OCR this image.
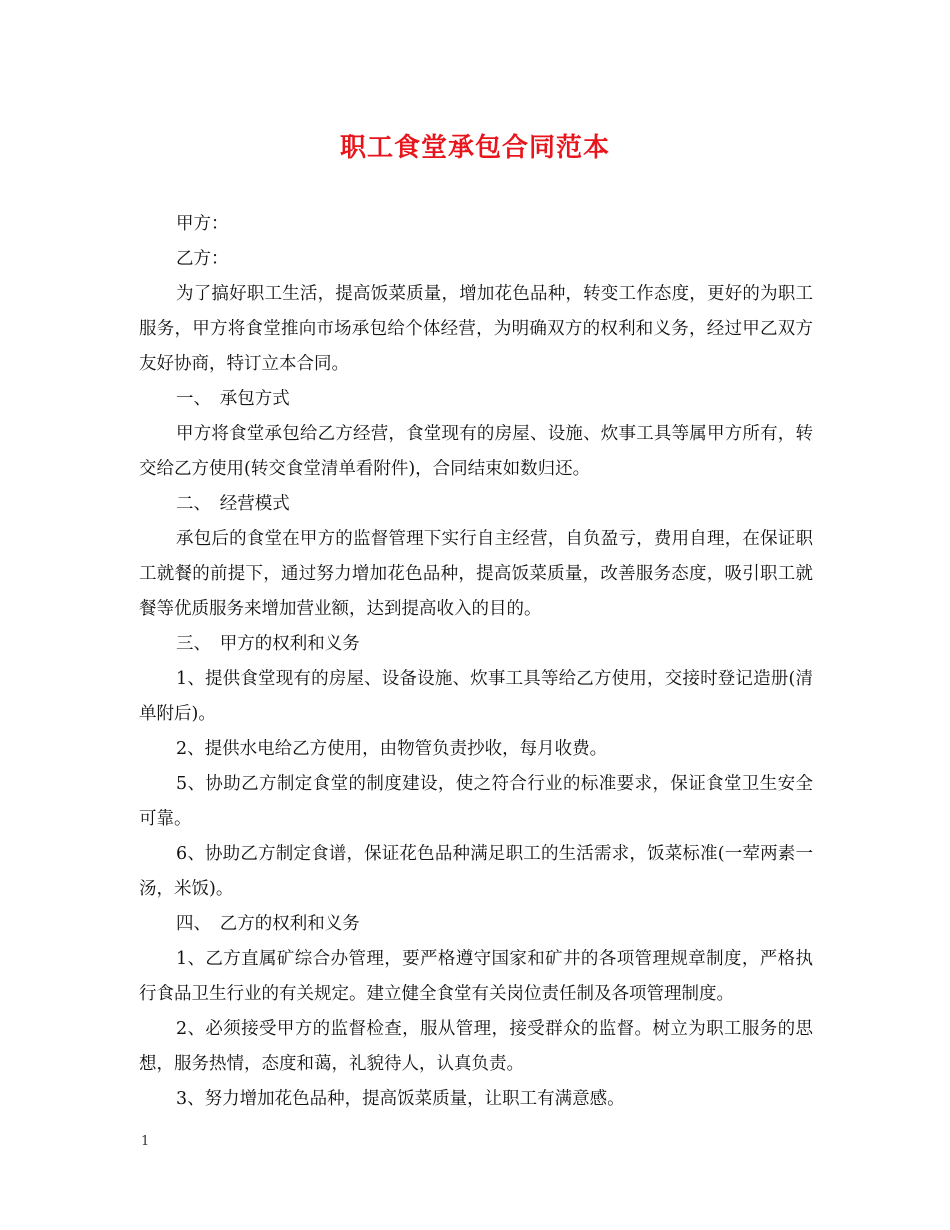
职工食堂承包合同范本

甲方：

乙方：

为了搞好职工生活，提高饭菜质量，增加花色品种，转变工作态度，更好的为职工服务，甲方将食堂推向市场承包给个体经营，为明确双方的权利和义务，经过甲乙双方友好协商，特订立本合同。

一、　承包方式

甲方将食堂承包给乙方经营，食堂现有的房屋、设施、炊事工具等属甲方所有，转交给乙方使用(转交食堂清单看附件)，合同结束如数归还。

二、　经营模式

承包后的食堂在甲方的监督管理下实行自主经营，自负盈亏，费用自理，在保证职工就餐的前提下，通过努力增加花色品种，提高饭菜质量，改善服务态度，吸引职工就餐等优质服务来增加营业额，达到提高收入的目的。

三、　甲方的权利和义务

1、提供食堂现有的房屋、设备设施、炊事工具等给乙方使用，交接时登记造册(清单附后)。

2、提供水电给乙方使用，由物管负责抄收，每月收费。

5、协助乙方制定食堂的制度建设，使之符合行业的标准要求，保证食堂卫生安全可靠。

6、协助乙方制定食谱，保证花色品种满足职工的生活需求，饭菜标准(一荤两素一汤，米饭)。

四、　乙方的权利和义务

1、乙方直属矿综合办管理，要严格遵守国家和矿井的各项管理规章制度，严格执行食品卫生行业的有关规定。建立健全食堂有关岗位责任制及各项管理制度。

2、必须接受甲方的监督检查，服从管理，接受群众的监督。树立为职工服务的思想，服务热情，态度和蔼，礼貌待人，认真负责。

3、努力增加花色品种，提高饭菜质量，让职工有满意感。

1
